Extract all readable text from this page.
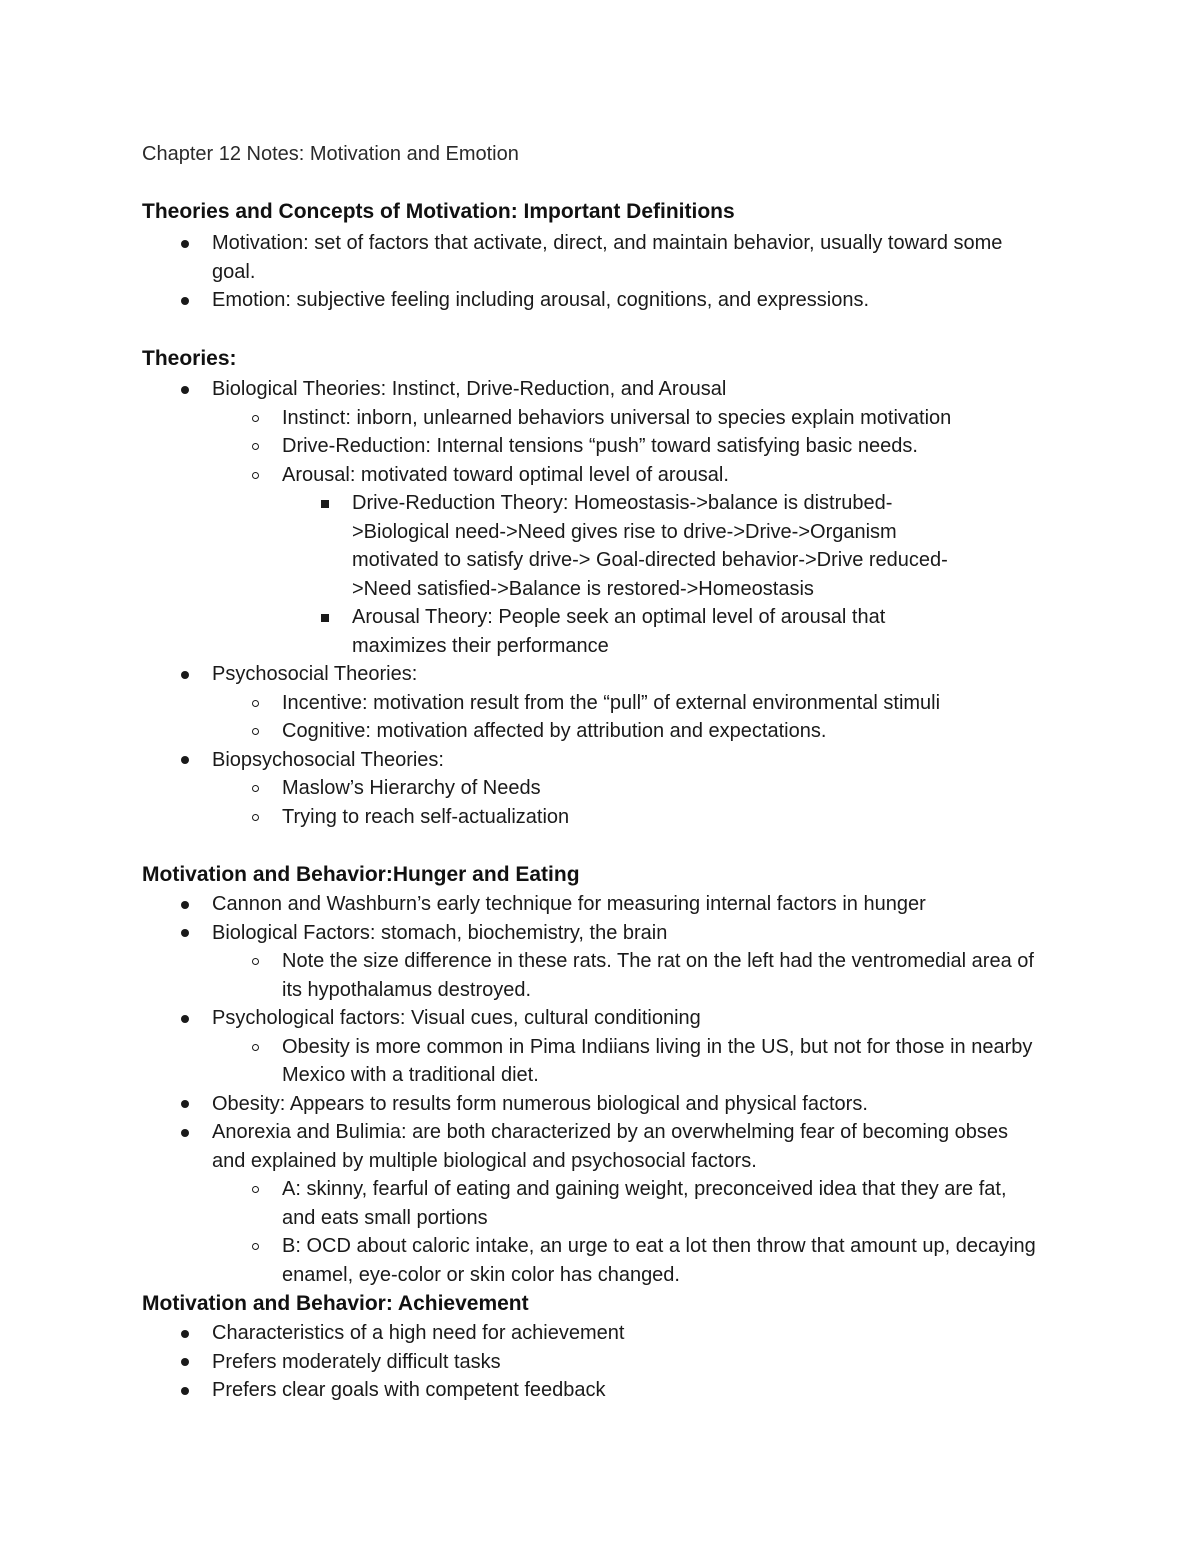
Chapter 12 Notes: Motivation and Emotion
Theories and Concepts of Motivation: Important Definitions
Motivation: set of factors that activate, direct, and maintain behavior, usually toward some goal.
Emotion: subjective feeling including arousal, cognitions, and expressions.
Theories:
Biological Theories: Instinct, Drive-Reduction, and Arousal
Instinct: inborn, unlearned behaviors universal to species explain motivation
Drive-Reduction: Internal tensions “push” toward satisfying basic needs.
Arousal: motivated toward optimal level of arousal.
Drive-Reduction Theory: Homeostasis->balance is distrubed->Biological need->Need gives rise to drive->Drive->Organism motivated to satisfy drive-> Goal-directed behavior->Drive reduced->Need satisfied->Balance is restored->Homeostasis
Arousal Theory: People seek an optimal level of arousal that maximizes their performance
Psychosocial Theories:
Incentive: motivation result from the “pull” of external environmental stimuli
Cognitive: motivation affected by attribution and expectations.
Biopsychosocial Theories:
Maslow’s Hierarchy of Needs
Trying to reach self-actualization
Motivation and Behavior:Hunger and Eating
Cannon and Washburn’s early technique for measuring internal factors in hunger
Biological Factors: stomach, biochemistry, the brain
Note the size difference in these rats. The rat on the left had the ventromedial area of its hypothalamus destroyed.
Psychological factors: Visual cues, cultural conditioning
Obesity is more common in Pima Indiians living in the US, but not for those in nearby Mexico with a traditional diet.
Obesity: Appears to results form numerous biological and physical factors.
Anorexia and Bulimia: are both characterized by an overwhelming fear of becoming obses and explained by multiple biological and psychosocial factors.
A: skinny, fearful of eating and gaining weight, preconceived idea that they are fat, and eats small portions
B: OCD about caloric intake, an urge to eat a lot then throw that amount up, decaying enamel, eye-color or skin color has changed.
Motivation and Behavior: Achievement
Characteristics of a high need for achievement
Prefers moderately difficult tasks
Prefers clear goals with competent feedback
